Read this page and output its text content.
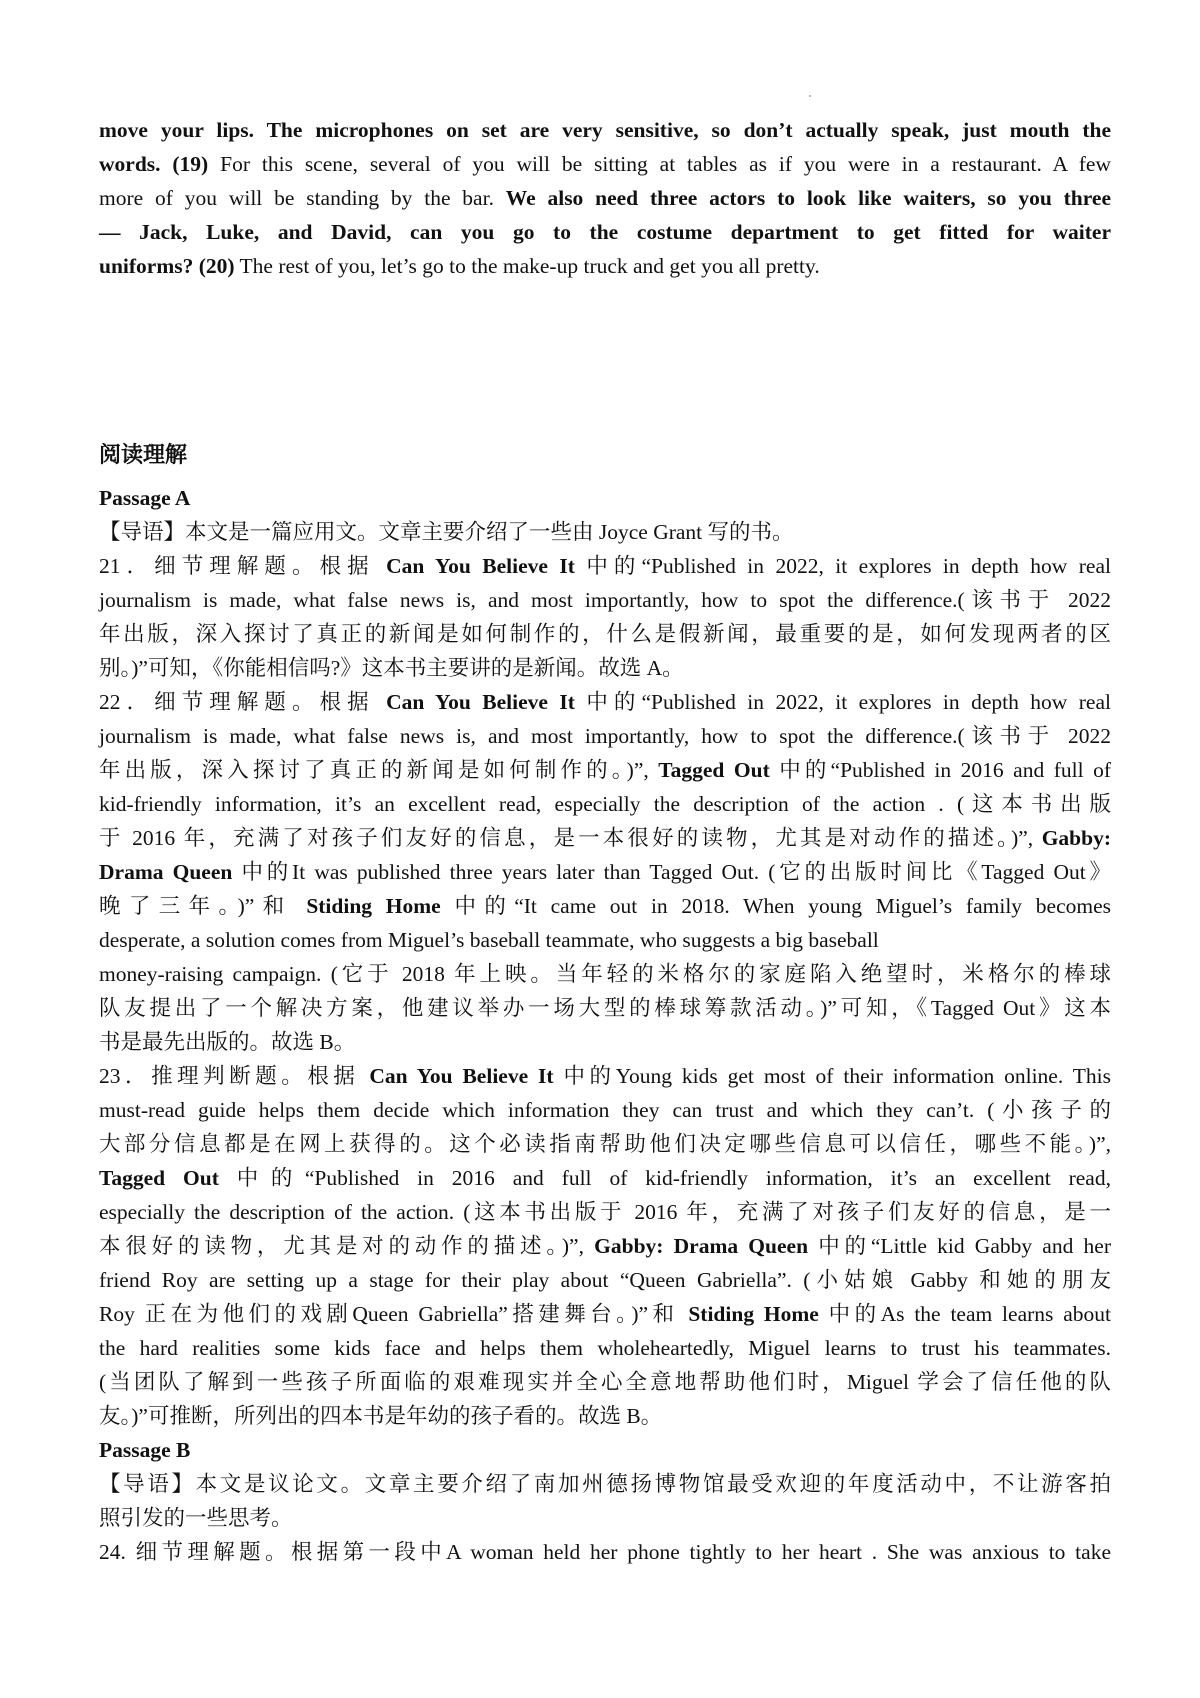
move your lips. The microphones on set are very sensitive, so don’t actually speak, just mouth the
words. (19) For this scene, several of you will be sitting at tables as if you were in a restaurant. A few
more of you will be standing by the bar. We also need three actors to look like waiters, so you three
— Jack, Luke, and David, can you go to the costume department to get fitted for waiter
uniforms? (20) The rest of you, let’s go to the make-up truck and get you all pretty.
阅读理解
Passage A
【导语】本文是一篇应用文。文章主要介绍了一些由 Joyce Grant 写的书。
21．细节理解题。根据 Can You Believe It 中的“Published in 2022, it explores in depth how real
journalism is made, what false news is, and most importantly, how to spot the difference.(该书于 2022
年出版，深入探讨了真正的新闻是如何制作的，什么是假新闻，最重要的是，如何发现两者的区
别。)”可知，《你能相信吗?》这本书主要讲的是新闻。故选 A。
22．细节理解题。根据 Can You Believe It 中的“Published in 2022, it explores in depth how real
journalism is made, what false news is, and most importantly, how to spot the difference.(该书于 2022
年出版，深入探讨了真正的新闻是如何制作的。)”, Tagged Out 中的“Published in 2016 and full of
kid-friendly information, it’s an excellent read, especially the description of the action . (这本书出版
于 2016 年，充满了对孩子们友好的信息，是一本很好的读物，尤其是对动作的描述。)”, Gabby:
Drama Queen 中的It was published three years later than Tagged Out. (它的出版时间比《Tagged Out》
晚了三年。)”和 Stiding Home 中的“It came out in 2018. When young Miguel’s family becomes
desperate, a solution comes from Miguel’s baseball teammate, who suggests a big baseball
money-raising campaign. (它于 2018 年上映。当年轻的米格尔的家庭陷入绝望时，米格尔的棒球
队友提出了一个解决方案，他建议举办一场大型的棒球筹款活动。)”可知，《Tagged Out》这本
书是最先出版的。故选 B。
23．推理判断题。根据 Can You Believe It 中的Young kids get most of their information online. This
must-read guide helps them decide which information they can trust and which they can’t. (小孩子的
大部分信息都是在网上获得的。这个必读指南帮助他们决定哪些信息可以信任，哪些不能。)”,
Tagged Out 中的“Published in 2016 and full of kid-friendly information, it’s an excellent read,
especially the description of the action. (这本书出版于 2016 年，充满了对孩子们友好的信息，是一
本很好的读物，尤其是对的动作的描述。)”, Gabby: Drama Queen 中的“Little kid Gabby and her
friend Roy are setting up a stage for their play about “Queen Gabriella”. (小姑娘 Gabby 和她的朋友
Roy 正在为他们的戏剧Queen Gabriella”搭建舞台。)”和 Stiding Home 中的As the team learns about
the hard realities some kids face and helps them wholeheartedly, Miguel learns to trust his teammates.
(当团队了解到一些孩子所面临的艰难现实并全心全意地帮助他们时，Miguel 学会了信任他的队
友。)”可推断，所列出的四本书是年幼的孩子看的。故选 B。
Passage B
【导语】本文是议论文。文章主要介绍了南加州德扬博物馆最受欢迎的年度活动中，不让游客拍
照引发的一些思考。
24. 细节理解题。根据第一段中A woman held her phone tightly to her heart . She was anxious to take
